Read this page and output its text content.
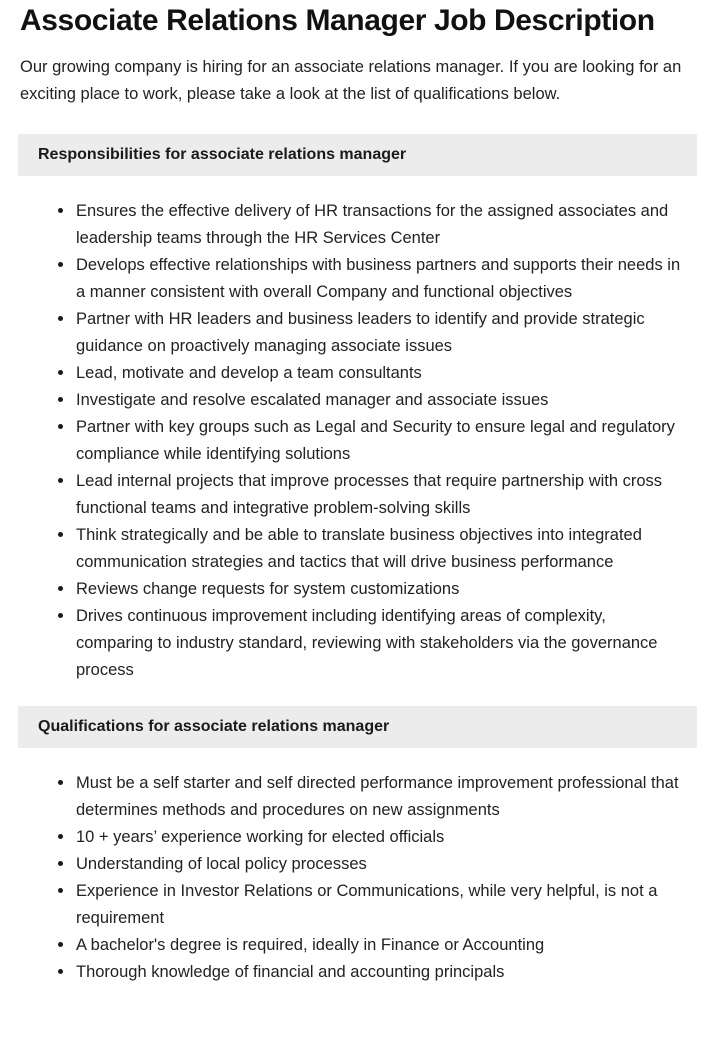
Associate Relations Manager Job Description

Our growing company is hiring for an associate relations manager. If you are looking for an exciting place to work, please take a look at the list of qualifications below.

Responsibilities for associate relations manager
Ensures the effective delivery of HR transactions for the assigned associates and leadership teams through the HR Services Center
Develops effective relationships with business partners and supports their needs in a manner consistent with overall Company and functional objectives
Partner with HR leaders and business leaders to identify and provide strategic guidance on proactively managing associate issues
Lead, motivate and develop a team consultants
Investigate and resolve escalated manager and associate issues
Partner with key groups such as Legal and Security to ensure legal and regulatory compliance while identifying solutions
Lead internal projects that improve processes that require partnership with cross functional teams and integrative problem-solving skills
Think strategically and be able to translate business objectives into integrated communication strategies and tactics that will drive business performance
Reviews change requests for system customizations
Drives continuous improvement including identifying areas of complexity, comparing to industry standard, reviewing with stakeholders via the governance process
Qualifications for associate relations manager
Must be a self starter and self directed performance improvement professional that determines methods and procedures on new assignments
10 + years’ experience working for elected officials
Understanding of local policy processes
Experience in Investor Relations or Communications, while very helpful, is not a requirement
A bachelor's degree is required, ideally in Finance or Accounting
Thorough knowledge of financial and accounting principals
